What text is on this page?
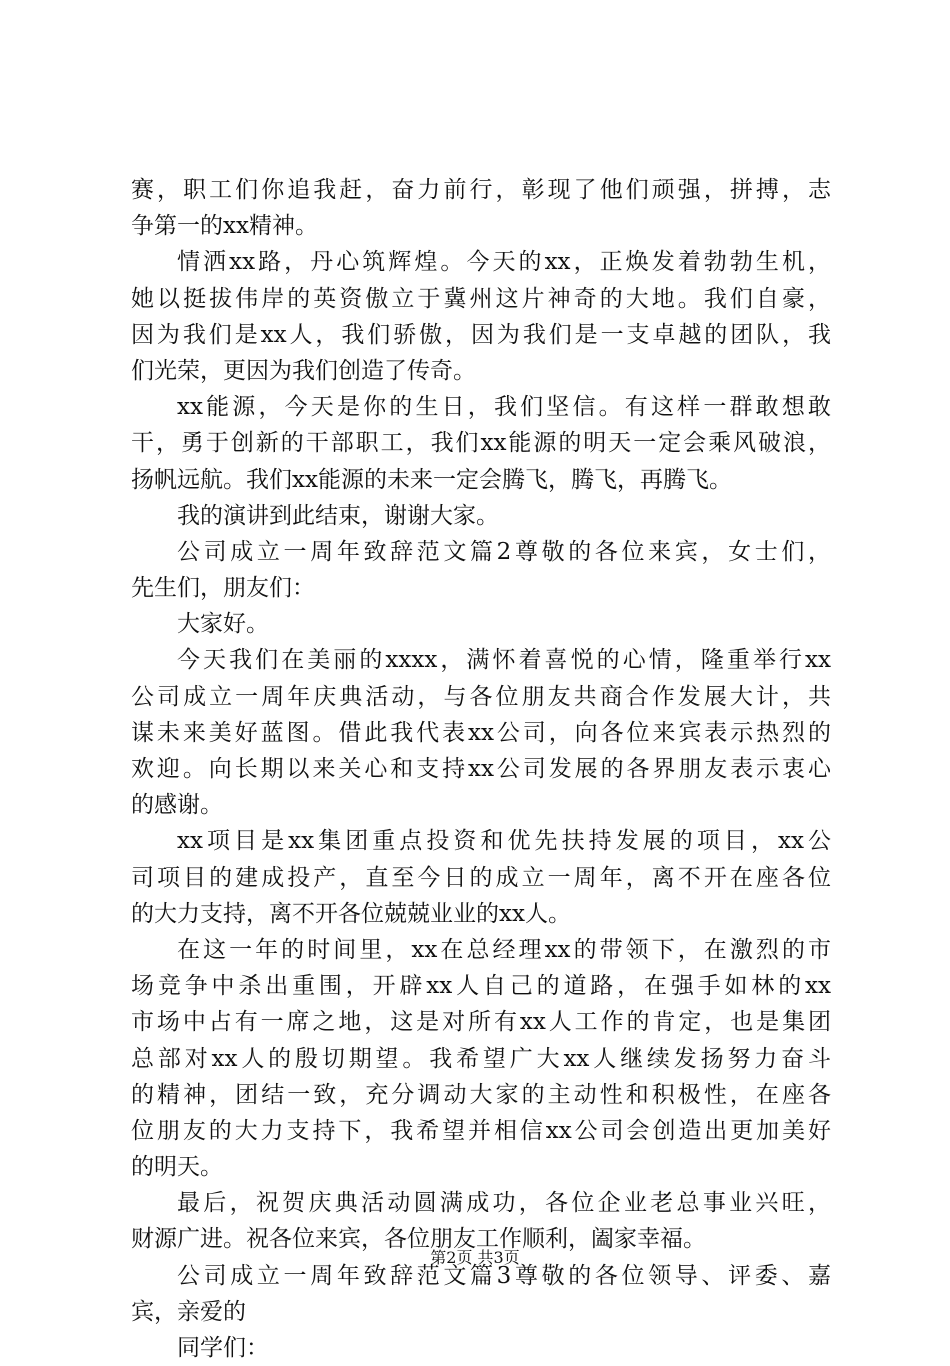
赛，职工们你追我赶，奋力前行，彰现了他们顽强，拼搏，志
争第一的xx精神。
情洒xx路，丹心筑辉煌。今天的xx，正焕发着勃勃生机，
她以挺拔伟岸的英资傲立于冀州这片神奇的大地。我们自豪，
因为我们是xx人，我们骄傲，因为我们是一支卓越的团队，我
们光荣，更因为我们创造了传奇。
xx能源，今天是你的生日，我们坚信。有这样一群敢想敢
干，勇于创新的干部职工，我们xx能源的明天一定会乘风破浪，
扬帆远航。我们xx能源的未来一定会腾飞，腾飞，再腾飞。
我的演讲到此结束，谢谢大家。
公司成立一周年致辞范文篇2尊敬的各位来宾，女士们，
先生们，朋友们：
大家好。
今天我们在美丽的xxxx，满怀着喜悦的心情，隆重举行xx
公司成立一周年庆典活动，与各位朋友共商合作发展大计，共
谋未来美好蓝图。借此我代表xx公司，向各位来宾表示热烈的
欢迎。向长期以来关心和支持xx公司发展的各界朋友表示衷心
的感谢。
xx项目是xx集团重点投资和优先扶持发展的项目，xx公
司项目的建成投产，直至今日的成立一周年，离不开在座各位
的大力支持，离不开各位兢兢业业的xx人。
在这一年的时间里，xx在总经理xx的带领下，在激烈的市
场竞争中杀出重围，开辟xx人自己的道路，在强手如林的xx
市场中占有一席之地，这是对所有xx人工作的肯定，也是集团
总部对xx人的殷切期望。我希望广大xx人继续发扬努力奋斗
的精神，团结一致，充分调动大家的主动性和积极性，在座各
位朋友的大力支持下，我希望并相信xx公司会创造出更加美好
的明天。
最后，祝贺庆典活动圆满成功，各位企业老总事业兴旺，
财源广进。祝各位来宾，各位朋友工作顺利，阖家幸福。
公司成立一周年致辞范文篇3尊敬的各位领导、评委、嘉
宾，亲爱的
同学们：
第2页 共3页
